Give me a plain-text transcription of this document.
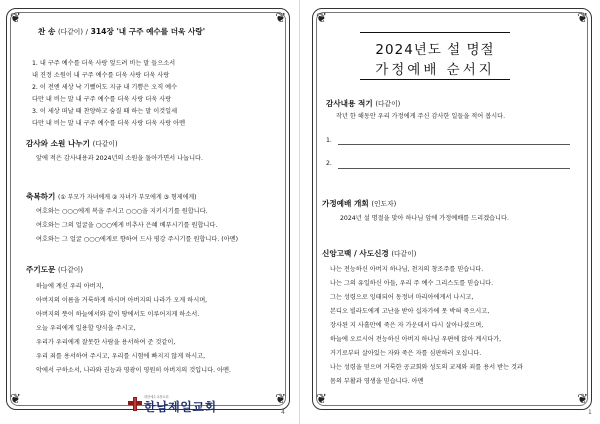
❦	❦
❦	❦
찬 송 (다같이) / 314장 '내 구주 예수를 더욱 사랑'
1. 내 구주 예수를 더욱 사랑 엎드려 비는 말 들으소서
내 진정 소원이 내 구주 예수를 더욱 사랑 더욱 사랑
2. 이 전엔 세상 낙 기뻤어도 지금 내 기쁨은 오직 예수
다만 내 비는 말 내 구주 예수를 더욱 사랑 더욱 사랑
3. 이 세상 떠날 때 찬양하고 숨질 때 하는 말 이것일세
다만 내 비는 말 내 구주 예수를 더욱 사랑 더욱 사랑 아멘
감사와 소원 나누기 (다같이)
앞에 적은 감사내용과 2024년의 소원을 돌아가면서 나눕니다.
축복하기 (① 부모가 자녀에게 ② 자녀가 부모에게 ③ 형제에게)
여호와는 ○○○에게 복을 주시고 ○○○을 지키시기를 원합니다.
여호와는 그의 얼굴을 ○○○에게 비추사 은혜 베푸시기를 원합니다.
여호와는 그 얼굴 ○○○에게로 향하여 드사 평강 주시기를 원합니다. (아멘)
주기도문 (다같이)
하늘에 계신 우리 아버지,
아버지의 이름을 거룩하게 하시며 아버지의 나라가 오게 하시며,
아버지의 뜻이 하늘에서와 같이 땅에서도 이루어지게 하소서.
오늘 우리에게 일용할 양식을 주시고,
우리가 우리에게 잘못한 사람을 용서하여 준 것같이,
우리 죄를 용서하여 주시고, 우리를 시험에 빠지지 않게 하시고,
악에서 구하소서, 나라와 권능과 영광이 영원히 아버지의 것입니다. 아멘.
대한예수교장로회
한남제일교회	4
❦	❦
❦	❦
1
2024년도 설 명절
가정예배 순서지
감사내용 적기 (다같이)
작년 한 해동안 우리 가정에게 주신 감사한 일들을 적어 봅시다.
1.
2.
가정예배 개회 (인도자)
2024년 설 명절을 맞아 하나님 앞에 가정예배를 드리겠습니다.
신앙고백 / 사도신경 (다같이)
나는 전능하신 아버지 하나님, 천지의 창조주를 믿습니다.
나는 그의 유일하신 아들, 우리 주 예수 그리스도를 믿습니다.
그는 성령으로 잉태되어 동정녀 마리아에게서 나시고,
본디오 빌라도에게 고난을 받아 십자가에 못 박혀 죽으시고,
장사된 지 사흘만에 죽은 자 가운데서 다시 살아나셨으며,
하늘에 오르시어 전능하신 아버지 하나님 우편에 앉아 계시다가,
거기로부터 살아있는 자와 죽은 자를 심판하러 오십니다.
나는 성령을 믿으며 거룩한 공교회와 성도의 교제와 죄를 용서 받는 것과
몸의 부활과 영생을 믿습니다. 아멘
